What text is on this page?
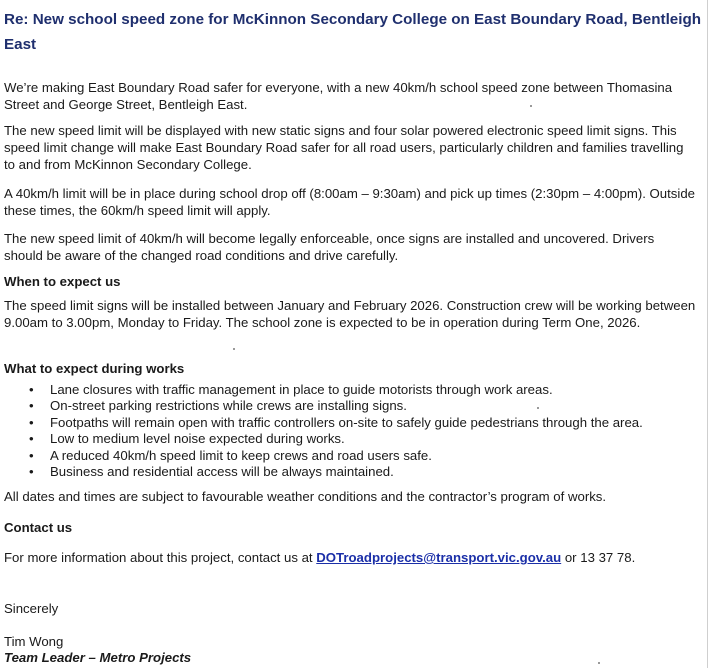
Re: New school speed zone for McKinnon Secondary College on East Boundary Road, Bentleigh East

We’re making East Boundary Road safer for everyone, with a new 40km/h school speed zone between Thomasina Street and George Street, Bentleigh East.

The new speed limit will be displayed with new static signs and four solar powered electronic speed limit signs. This speed limit change will make East Boundary Road safer for all road users, particularly children and families travelling to and from McKinnon Secondary College.

A 40km/h limit will be in place during school drop off (8:00am – 9:30am) and pick up times (2:30pm – 4:00pm). Outside these times, the 60km/h speed limit will apply.

The new speed limit of 40km/h will become legally enforceable, once signs are installed and uncovered. Drivers should be aware of the changed road conditions and drive carefully.

When to expect us

The speed limit signs will be installed between January and February 2026. Construction crew will be working between 9.00am to 3.00pm, Monday to Friday. The school zone is expected to be in operation during Term One, 2026.

What to expect during works
• Lane closures with traffic management in place to guide motorists through work areas.
• On-street parking restrictions while crews are installing signs.
• Footpaths will remain open with traffic controllers on-site to safely guide pedestrians through the area.
• Low to medium level noise expected during works.
• A reduced 40km/h speed limit to keep crews and road users safe.
• Business and residential access will be always maintained.

All dates and times are subject to favourable weather conditions and the contractor’s program of works.

Contact us

For more information about this project, contact us at DOTroadprojects@transport.vic.gov.au or 13 37 78.

Sincerely

Tim Wong

Team Leader – Metro Projects
